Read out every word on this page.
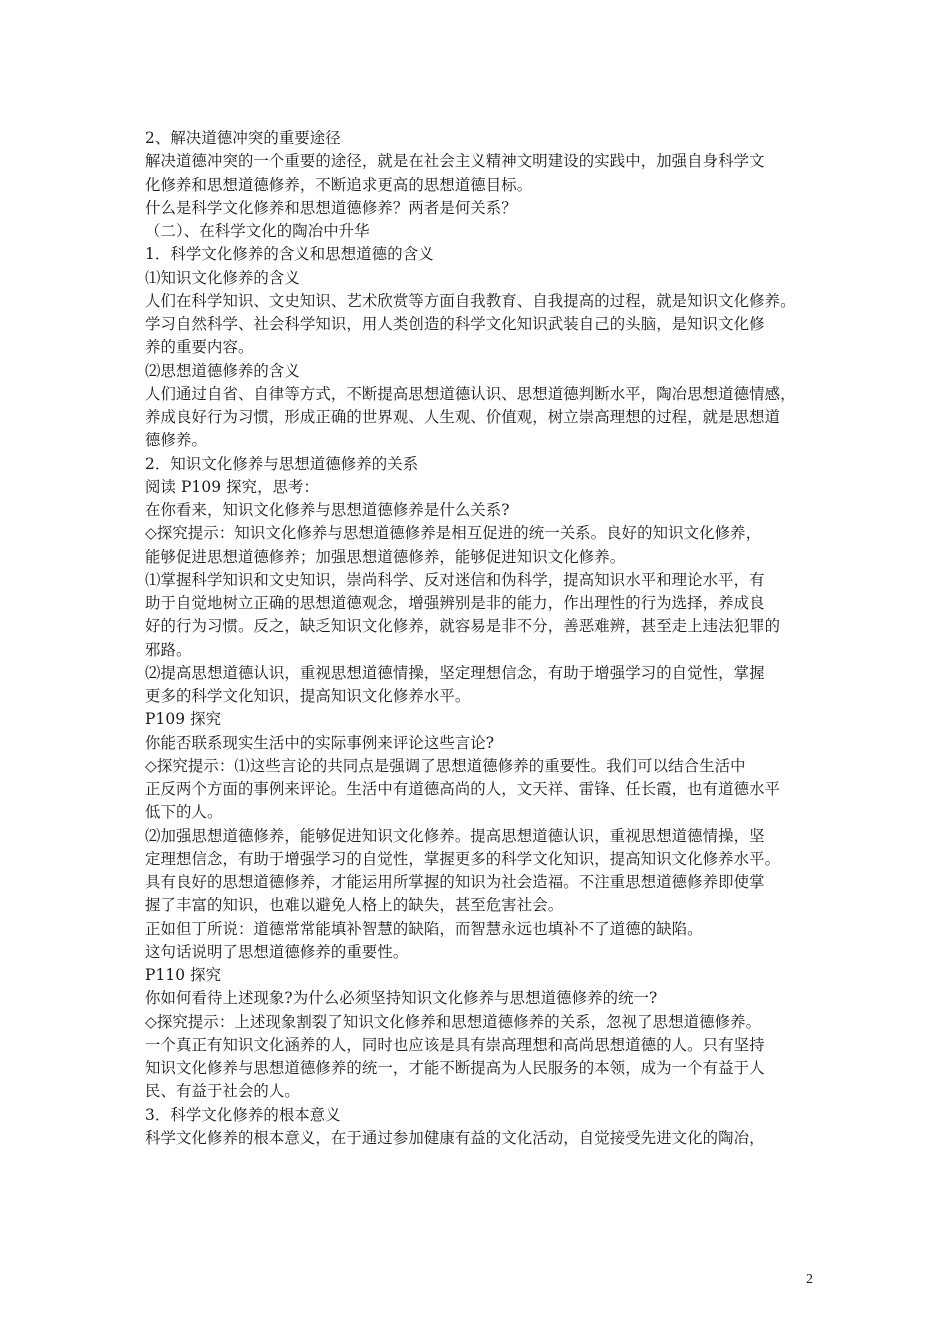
2、解决道德冲突的重要途径
解决道德冲突的一个重要的途径，就是在社会主义精神文明建设的实践中，加强自身科学文
化修养和思想道德修养，不断追求更高的思想道德目标。
什么是科学文化修养和思想道德修养？两者是何关系？
（二）、在科学文化的陶冶中升华
1．科学文化修养的含义和思想道德的含义
⑴知识文化修养的含义
人们在科学知识、文史知识、艺术欣赏等方面自我教育、自我提高的过程，就是知识文化修养。
学习自然科学、社会科学知识，用人类创造的科学文化知识武装自己的头脑，是知识文化修
养的重要内容。
⑵思想道德修养的含义
人们通过自省、自律等方式，不断提高思想道德认识、思想道德判断水平，陶冶思想道德情感，
养成良好行为习惯，形成正确的世界观、人生观、价值观，树立崇高理想的过程，就是思想道
德修养。
2．知识文化修养与思想道德修养的关系
阅读 P109 探究，思考：
在你看来，知识文化修养与思想道德修养是什么关系?
◇探究提示：知识文化修养与思想道德修养是相互促进的统一关系。良好的知识文化修养，
能够促进思想道德修养；加强思想道德修养，能够促进知识文化修养。
⑴掌握科学知识和文史知识，崇尚科学、反对迷信和伪科学，提高知识水平和理论水平，有
助于自觉地树立正确的思想道德观念，增强辨别是非的能力，作出理性的行为选择，养成良
好的行为习惯。反之，缺乏知识文化修养，就容易是非不分，善恶难辨，甚至走上违法犯罪的
邪路。
⑵提高思想道德认识，重视思想道德情操，坚定理想信念，有助于增强学习的自觉性，掌握
更多的科学文化知识，提高知识文化修养水平。
P109 探究
你能否联系现实生活中的实际事例来评论这些言论?
◇探究提示：⑴这些言论的共同点是强调了思想道德修养的重要性。我们可以结合生活中
正反两个方面的事例来评论。生活中有道德高尚的人，文天祥、雷锋、任长霞，也有道德水平
低下的人。
⑵加强思想道德修养，能够促进知识文化修养。提高思想道德认识，重视思想道德情操，坚
定理想信念，有助于增强学习的自觉性，掌握更多的科学文化知识，提高知识文化修养水平。
具有良好的思想道德修养，才能运用所掌握的知识为社会造福。不注重思想道德修养即使掌
握了丰富的知识，也难以避免人格上的缺失，甚至危害社会。
正如但丁所说：道德常常能填补智慧的缺陷，而智慧永远也填补不了道德的缺陷。
这句话说明了思想道德修养的重要性。
P110 探究
你如何看待上述现象?为什么必须坚持知识文化修养与思想道德修养的统一?
◇探究提示：上述现象割裂了知识文化修养和思想道德修养的关系，忽视了思想道德修养。
一个真正有知识文化涵养的人，同时也应该是具有崇高理想和高尚思想道德的人。只有坚持
知识文化修养与思想道德修养的统一，才能不断提高为人民服务的本领，成为一个有益于人
民、有益于社会的人。
3．科学文化修养的根本意义
科学文化修养的根本意义，在于通过参加健康有益的文化活动，自觉接受先进文化的陶冶，
2
